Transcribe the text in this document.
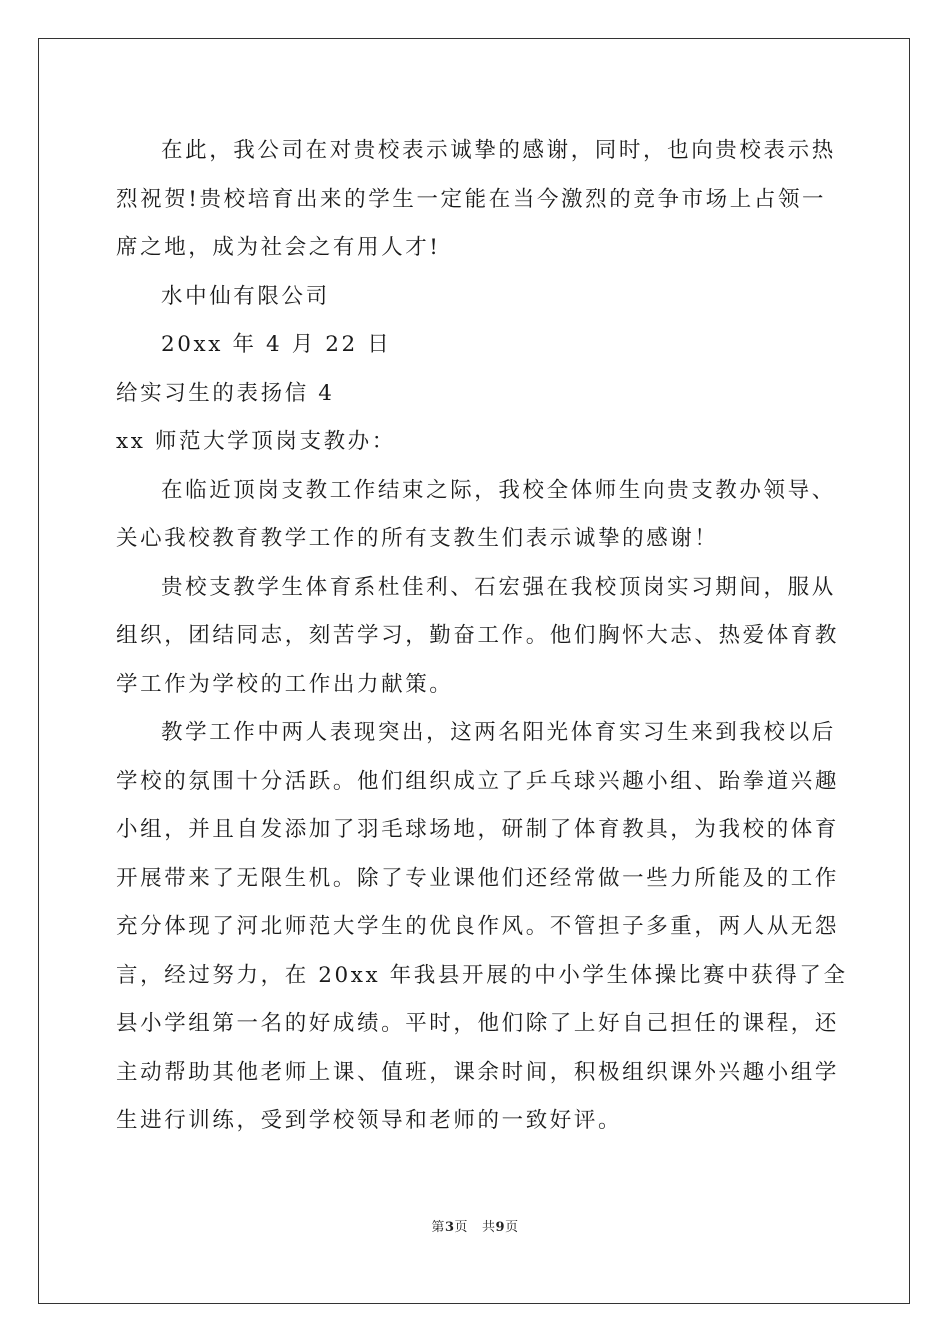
在此，我公司在对贵校表示诚挚的感谢，同时，也向贵校表示热
烈祝贺!贵校培育出来的学生一定能在当今激烈的竞争市场上占领一
席之地，成为社会之有用人才!
水中仙有限公司
20xx 年 4 月 22 日
给实习生的表扬信 4
xx 师范大学顶岗支教办：
在临近顶岗支教工作结束之际，我校全体师生向贵支教办领导、
关心我校教育教学工作的所有支教生们表示诚挚的感谢！
贵校支教学生体育系杜佳利、石宏强在我校顶岗实习期间，服从
组织，团结同志，刻苦学习，勤奋工作。他们胸怀大志、热爱体育教
学工作为学校的工作出力献策。
教学工作中两人表现突出，这两名阳光体育实习生来到我校以后
学校的氛围十分活跃。他们组织成立了乒乓球兴趣小组、跆拳道兴趣
小组，并且自发添加了羽毛球场地，研制了体育教具，为我校的体育
开展带来了无限生机。除了专业课他们还经常做一些力所能及的工作
充分体现了河北师范大学生的优良作风。不管担子多重，两人从无怨
言，经过努力，在 20xx 年我县开展的中小学生体操比赛中获得了全
县小学组第一名的好成绩。平时，他们除了上好自己担任的课程，还
主动帮助其他老师上课、值班，课余时间，积极组织课外兴趣小组学
生进行训练，受到学校领导和老师的一致好评。
第3页 共9页
